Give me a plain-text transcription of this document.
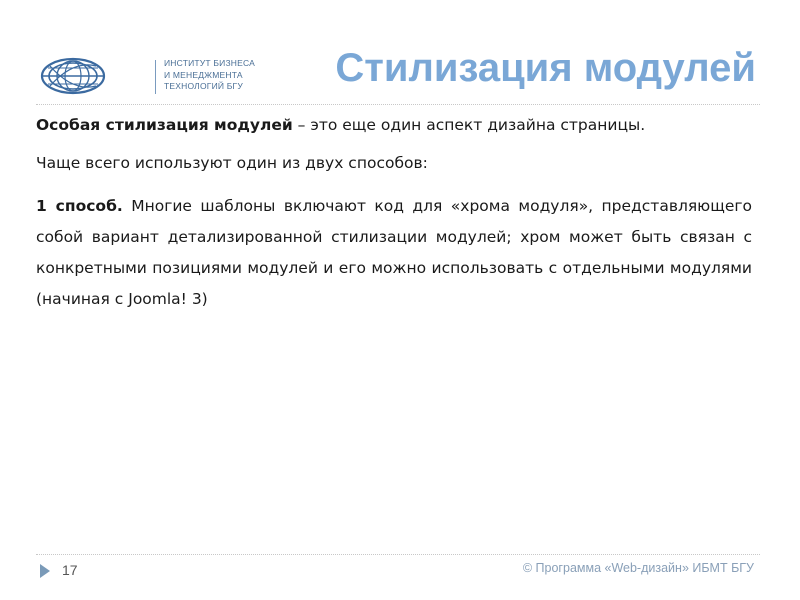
ИНСТИТУТ БИЗНЕСА
И МЕНЕДЖМЕНТА
ТЕХНОЛОГИЙ БГУ	Стилизация модулей

Особая стилизация модулей – это еще один аспект дизайна страницы.

Чаще всего используют один из двух способов:

1 способ. Многие шаблоны включают код для «хрома модуля», представляющего собой вариант детализированной стилизации модулей; хром может быть связан с конкретными позициями модулей и его можно использовать с отдельными модулями (начиная с Joomla! 3)

17	© Программа «Web-дизайн» ИБМТ БГУ
